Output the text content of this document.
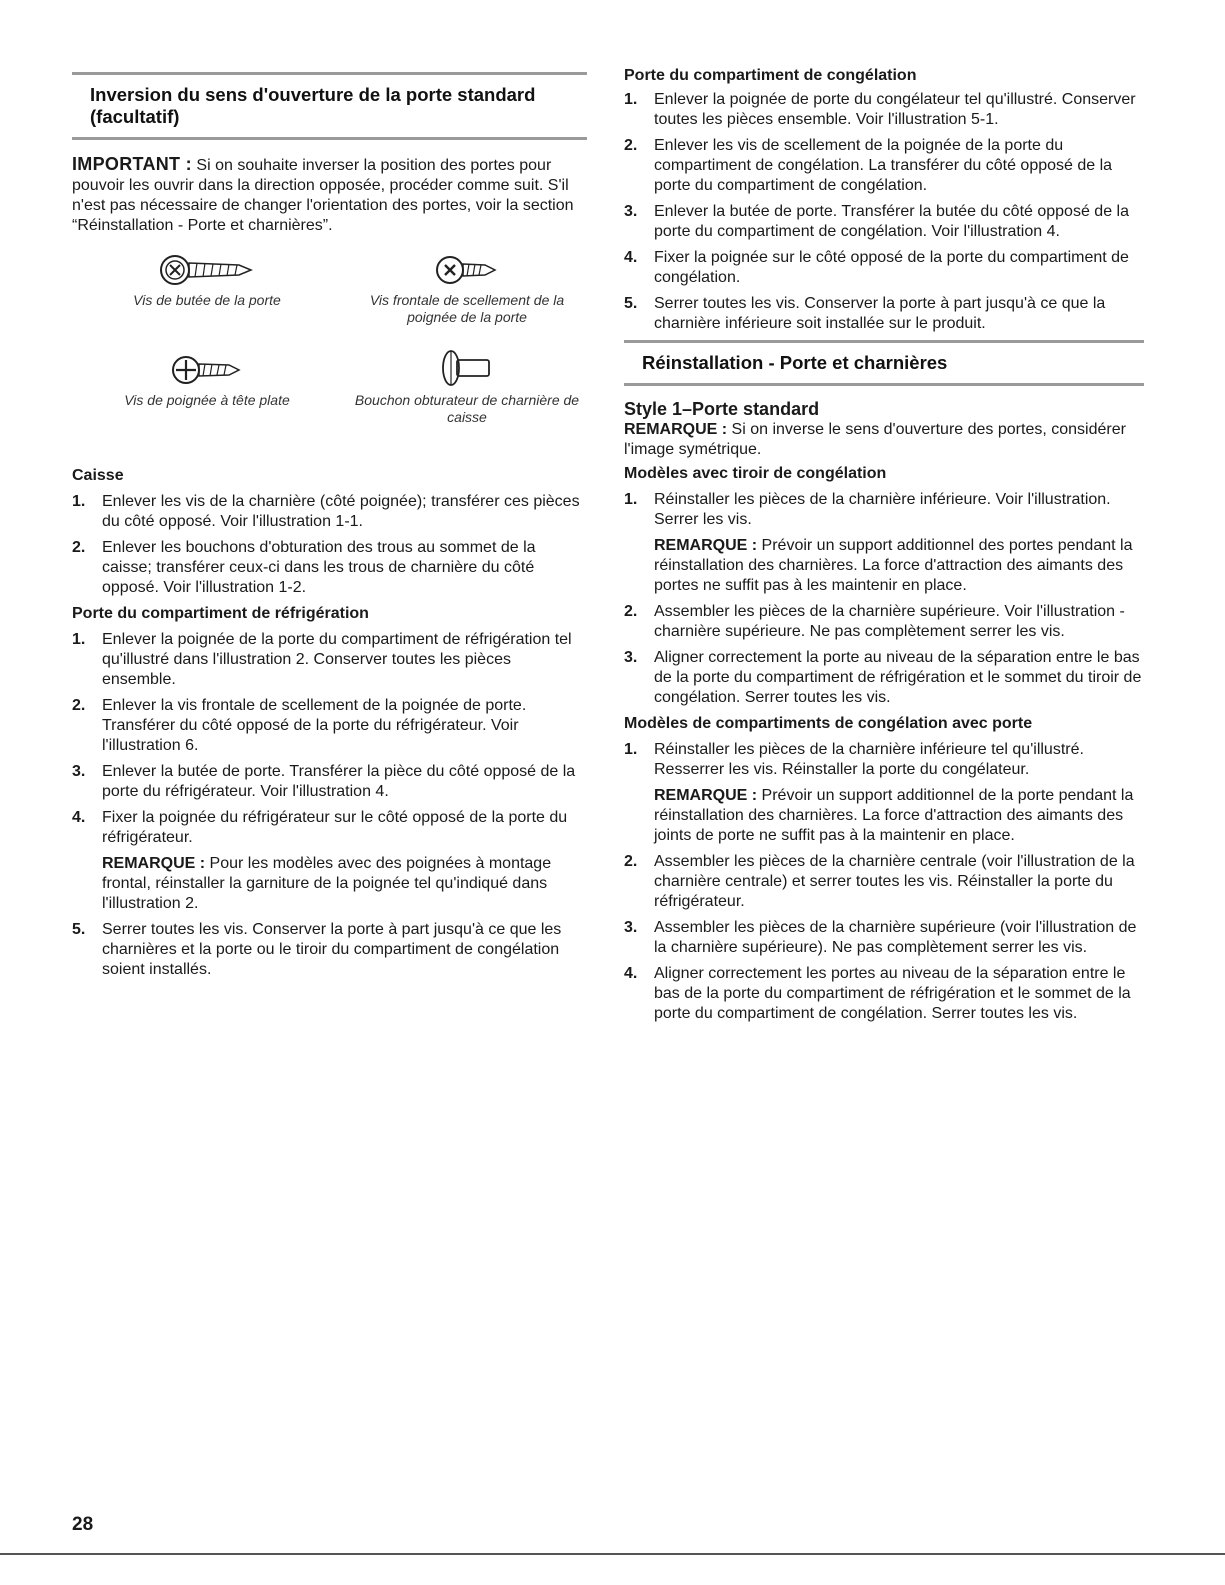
Inversion du sens d'ouverture de la porte standard (facultatif)

IMPORTANT : Si on souhaite inverser la position des portes pour pouvoir les ouvrir dans la direction opposée, procéder comme suit. S'il n'est pas nécessaire de changer l'orientation des portes, voir la section “Réinstallation - Porte et charnières”.

Vis de butée de la porte	Vis frontale de scellement de la poignée de la porte
Vis de poignée à tête plate	Bouchon obturateur de charnière de caisse
Caisse
1. Enlever les vis de la charnière (côté poignée); transférer ces pièces du côté opposé. Voir l'illustration 1-1.
2. Enlever les bouchons d'obturation des trous au sommet de la caisse; transférer ceux-ci dans les trous de charnière du côté opposé. Voir l'illustration 1-2.
Porte du compartiment de réfrigération
1. Enlever la poignée de la porte du compartiment de réfrigération tel qu'illustré dans l'illustration 2. Conserver toutes les pièces ensemble.
2. Enlever la vis frontale de scellement de la poignée de porte. Transférer du côté opposé de la porte du réfrigérateur. Voir l'illustration 6.
3. Enlever la butée de porte. Transférer la pièce du côté opposé de la porte du réfrigérateur. Voir l'illustration 4.
4. Fixer la poignée du réfrigérateur sur le côté opposé de la porte du réfrigérateur.

REMARQUE : Pour les modèles avec des poignées à montage frontal, réinstaller la garniture de la poignée tel qu'indiqué dans l'illustration 2.

5. Serrer toutes les vis. Conserver la porte à part jusqu'à ce que les charnières et la porte ou le tiroir du compartiment de congélation soient installés.
Porte du compartiment de congélation
1. Enlever la poignée de porte du congélateur tel qu'illustré. Conserver toutes les pièces ensemble. Voir l'illustration 5-1.
2. Enlever les vis de scellement de la poignée de la porte du compartiment de congélation. La transférer du côté opposé de la porte du compartiment de congélation.
3. Enlever la butée de porte. Transférer la butée du côté opposé de la porte du compartiment de congélation. Voir l'illustration 4.
4. Fixer la poignée sur le côté opposé de la porte du compartiment de congélation.
5. Serrer toutes les vis. Conserver la porte à part jusqu'à ce que la charnière inférieure soit installée sur le produit.
Réinstallation - Porte et charnières
Style 1–Porte standard

REMARQUE : Si on inverse le sens d'ouverture des portes, considérer l'image symétrique.

Modèles avec tiroir de congélation
1. Réinstaller les pièces de la charnière inférieure. Voir l'illustration. Serrer les vis.

REMARQUE : Prévoir un support additionnel des portes pendant la réinstallation des charnières. La force d'attraction des aimants des portes ne suffit pas à les maintenir en place.

2. Assembler les pièces de la charnière supérieure. Voir l'illustration - charnière supérieure. Ne pas complètement serrer les vis.
3. Aligner correctement la porte au niveau de la séparation entre le bas de la porte du compartiment de réfrigération et le sommet du tiroir de congélation. Serrer toutes les vis.
Modèles de compartiments de congélation avec porte
1. Réinstaller les pièces de la charnière inférieure tel qu'illustré. Resserrer les vis. Réinstaller la porte du congélateur.

REMARQUE : Prévoir un support additionnel de la porte pendant la réinstallation des charnières. La force d'attraction des aimants des joints de porte ne suffit pas à la maintenir en place.

2. Assembler les pièces de la charnière centrale (voir l'illustration de la charnière centrale) et serrer toutes les vis. Réinstaller la porte du réfrigérateur.
3. Assembler les pièces de la charnière supérieure (voir l'illustration de la charnière supérieure). Ne pas complètement serrer les vis.
4. Aligner correctement les portes au niveau de la séparation entre le bas de la porte du compartiment de réfrigération et le sommet de la porte du compartiment de congélation. Serrer toutes les vis.
28
